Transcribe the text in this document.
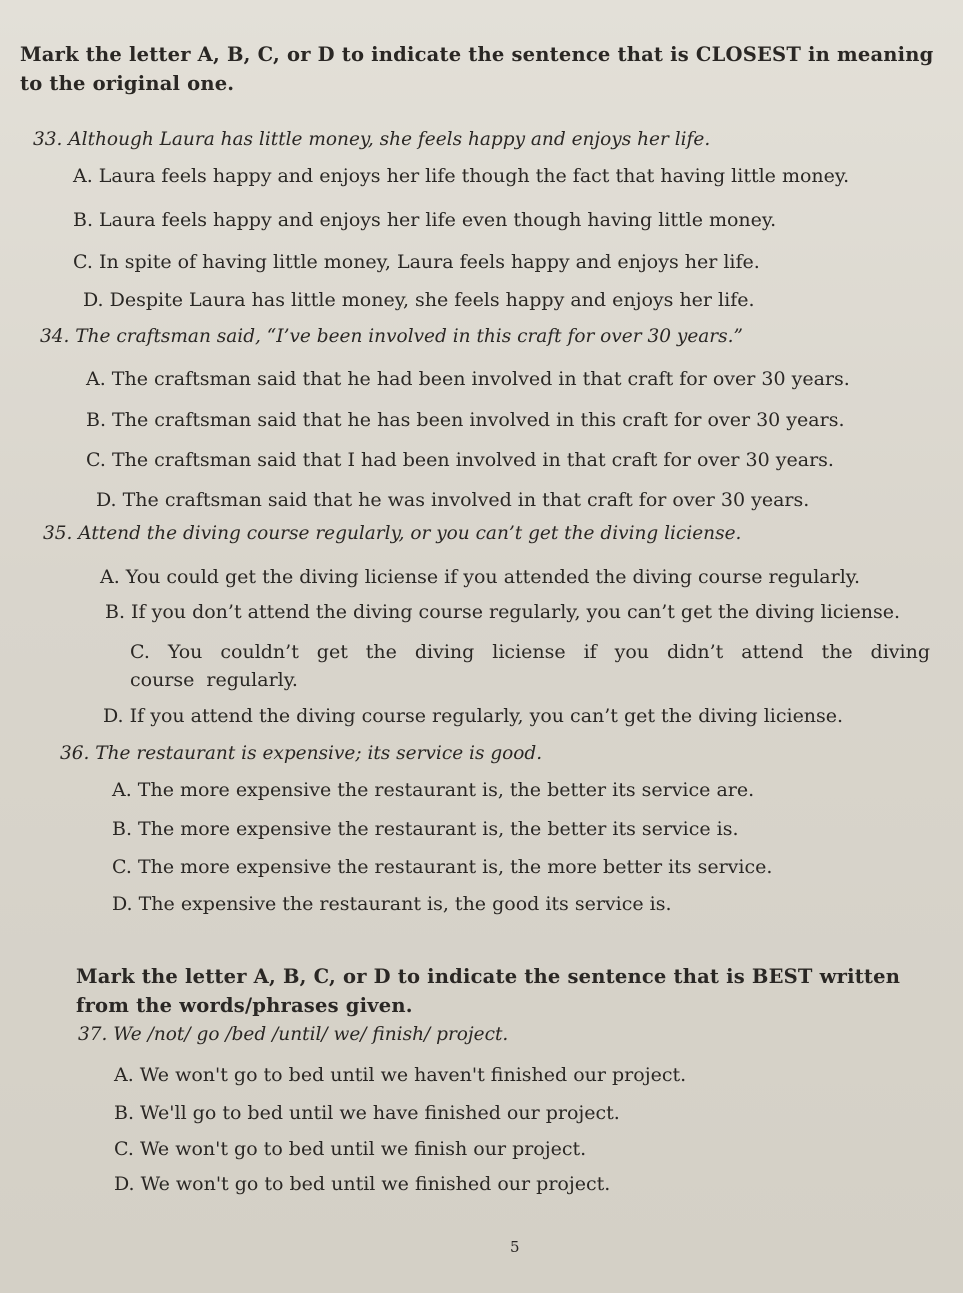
Mark the letter A, B, C, or D to indicate the sentence that is CLOSEST in meaning to the original one.
33. Although Laura has little money, she feels happy and enjoys her life.
A. Laura feels happy and enjoys her life though the fact that having little money.
B. Laura feels happy and enjoys her life even though having little money.
C. In spite of having little money, Laura feels happy and enjoys her life.
D. Despite Laura has little money, she feels happy and enjoys her life.
34. The craftsman said, “I’ve been involved in this craft for over 30 years.”
A. The craftsman said that he had been involved in that craft for over 30 years.
B. The craftsman said that he has been involved in this craft for over 30 years.
C. The craftsman said that I had been involved in that craft for over 30 years.
D. The craftsman said that he was involved in that craft for over 30 years.
35. Attend the diving course regularly, or you can’t get the diving liciense.
A. You could get the diving liciense if you attended the diving course regularly.
B. If you don’t attend the diving course regularly, you can’t get the diving liciense.
C. You couldn’t get the diving liciense if you didn’t attend the diving course regularly.
D. If you attend the diving course regularly, you can’t get the diving liciense.
36. The restaurant is expensive; its service is good.
A. The more expensive the restaurant is, the better its service are.
B. The more expensive the restaurant is, the better its service is.
C. The more expensive the restaurant is, the more better its service.
D. The expensive the restaurant is, the good its service is.
Mark the letter A, B, C, or D to indicate the sentence that is BEST written from the words/phrases given.
37. We /not/ go /bed /until/ we/ finish/ project.
A. We won't go to bed until we haven't finished our project.
B. We'll go to bed until we have finished our project.
C. We won't go to bed until we finish our project.
D. We won't go to bed until we finished our project.
5
